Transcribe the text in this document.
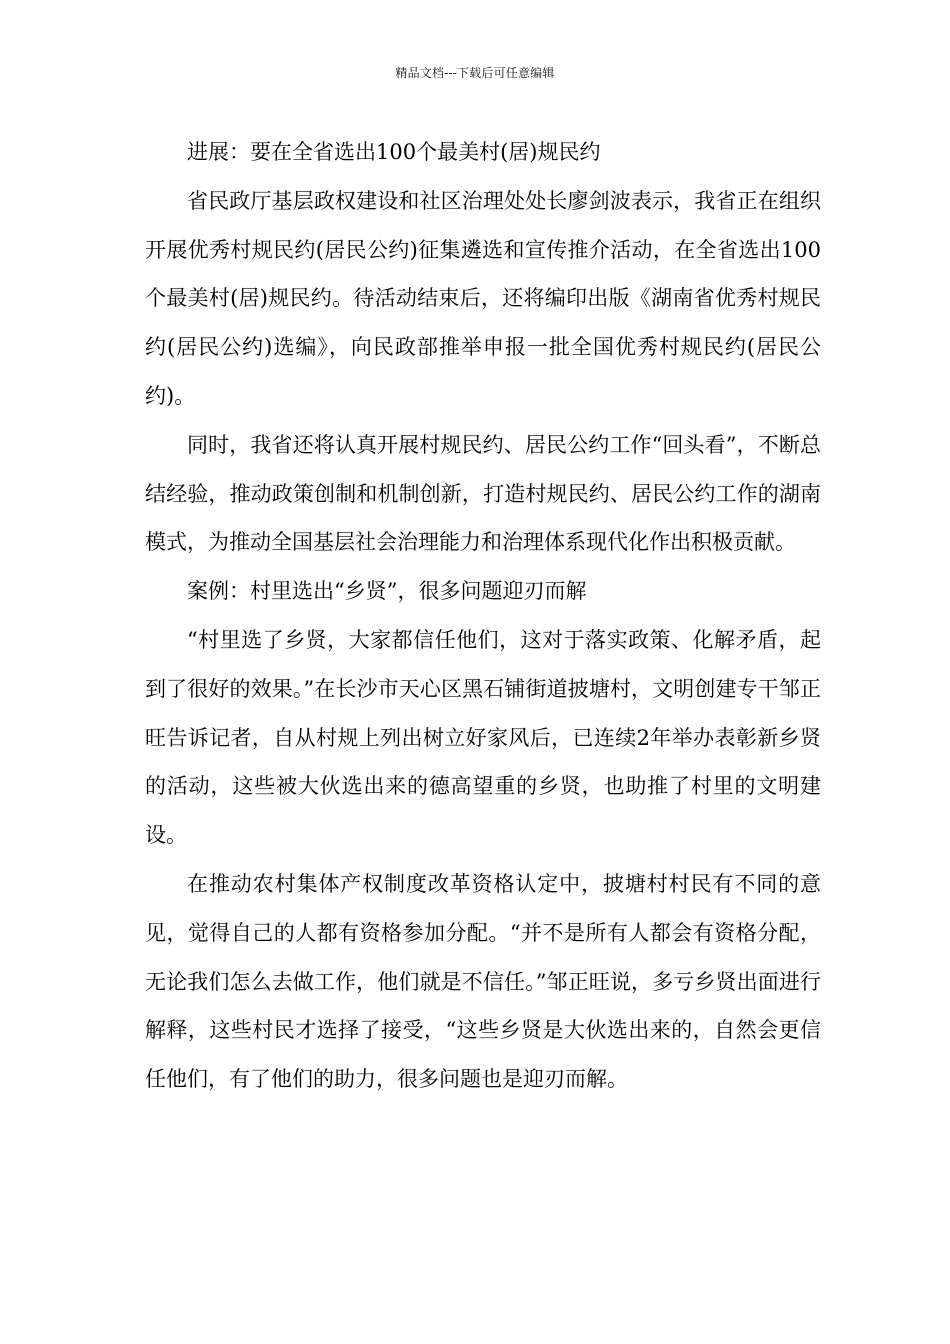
精品文档---下载后可任意编辑

进展：要在全省选出100个最美村(居)规民约

省民政厅基层政权建设和社区治理处处长廖剑波表示，我省正在组织开展优秀村规民约(居民公约)征集遴选和宣传推介活动，在全省选出100个最美村(居)规民约。待活动结束后，还将编印出版《湖南省优秀村规民约(居民公约)选编》，向民政部推举申报一批全国优秀村规民约(居民公约)。

同时，我省还将认真开展村规民约、居民公约工作“回头看”，不断总结经验，推动政策创制和机制创新，打造村规民约、居民公约工作的湖南模式，为推动全国基层社会治理能力和治理体系现代化作出积极贡献。

案例：村里选出“乡贤”，很多问题迎刃而解

“村里选了乡贤，大家都信任他们，这对于落实政策、化解矛盾，起到了很好的效果。”在长沙市天心区黑石铺街道披塘村，文明创建专干邹正旺告诉记者，自从村规上列出树立好家风后，已连续2年举办表彰新乡贤的活动，这些被大伙选出来的德高望重的乡贤，也助推了村里的文明建设。

在推动农村集体产权制度改革资格认定中，披塘村村民有不同的意见，觉得自己的人都有资格参加分配。“并不是所有人都会有资格分配，无论我们怎么去做工作，他们就是不信任。”邹正旺说，多亏乡贤出面进行解释，这些村民才选择了接受，“这些乡贤是大伙选出来的，自然会更信任他们，有了他们的助力，很多问题也是迎刃而解。
